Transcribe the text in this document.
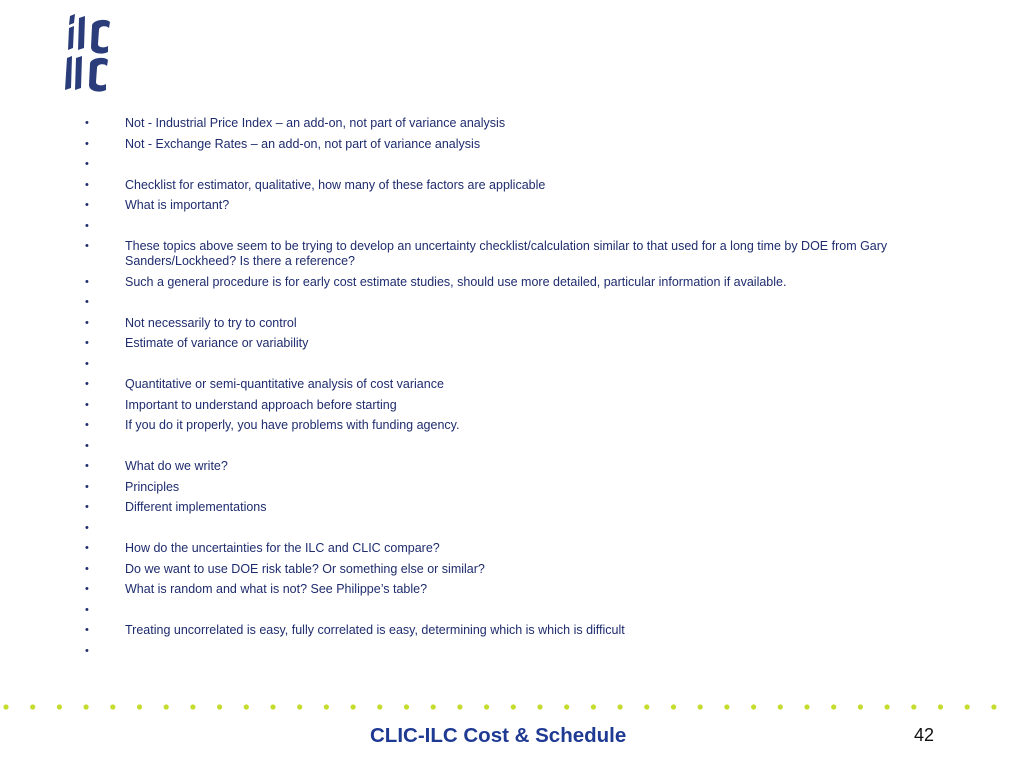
•	Not - Industrial Price Index – an add-on, not part of variance analysis
•	Not - Exchange Rates – an add-on, not part of variance analysis
•
•	Checklist for estimator, qualitative, how many of these factors are applicable
•	What is important?
•
•	These topics above seem to be trying to develop an uncertainty checklist/calculation similar to that used for a long time by DOE from Gary Sanders/Lockheed? Is there a reference?
•	Such a general procedure is for early cost estimate studies, should use more detailed, particular information if available.
•
•	Not necessarily to try to control
•	Estimate of variance or variability
•
•	Quantitative or semi-quantitative analysis of cost variance
•	Important to understand approach before starting
•	If you do it properly, you have problems with funding agency.
•
•	What do we write?
•	Principles
•	Different implementations
•
•	How do the uncertainties for the ILC and CLIC compare?
•	Do we want to use DOE risk table? Or something else or similar?
•	What is random and what is not? See Philippe’s table?
•
•	Treating uncorrelated is easy, fully correlated is easy, determining which is which is difficult
•
CLIC-ILC Cost & Schedule	42
